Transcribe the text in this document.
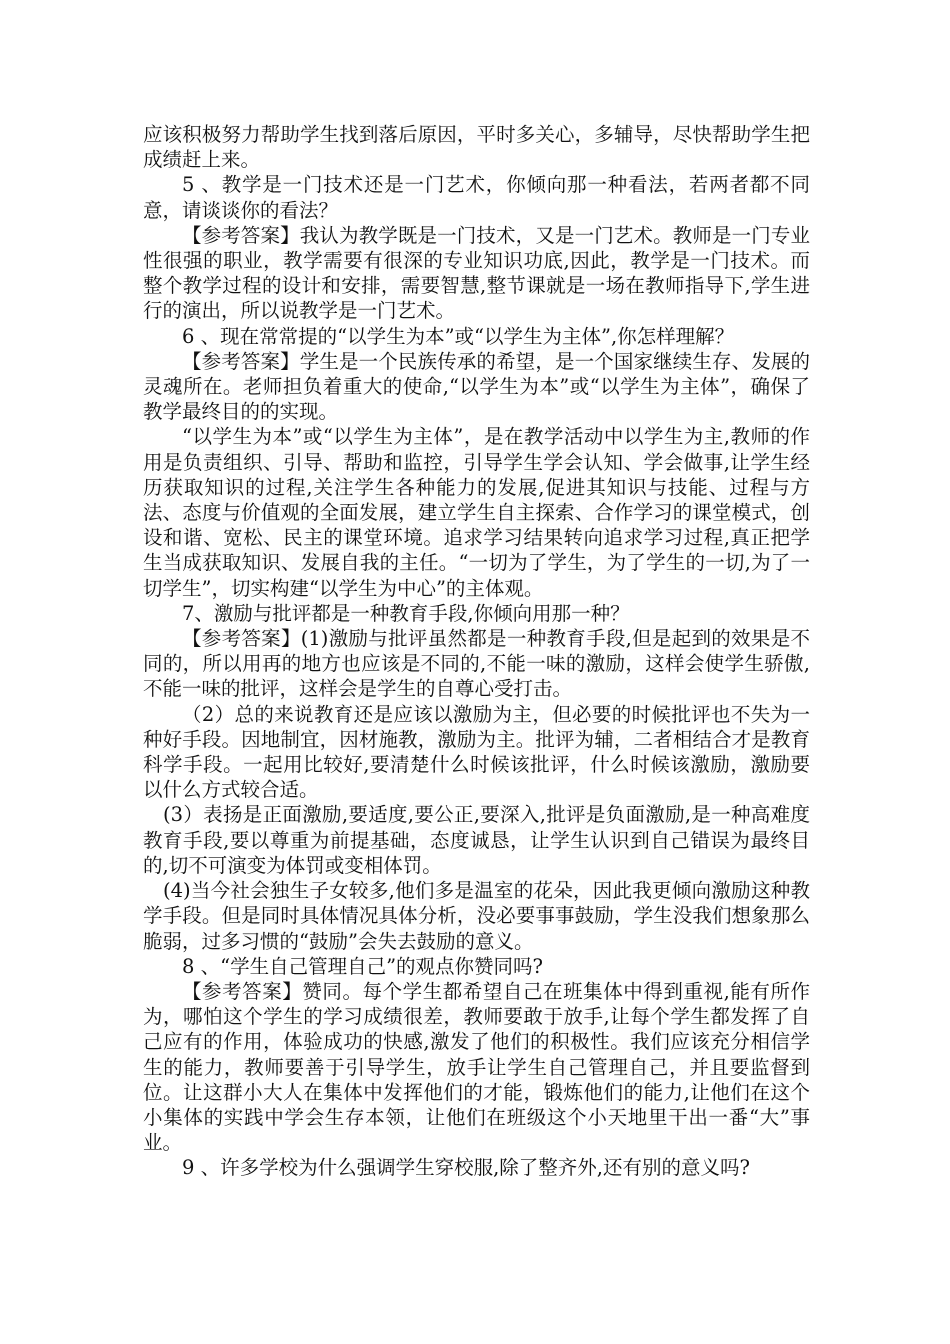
应该积极努力帮助学生找到落后原因，平时多关心，多辅导，尽快帮助学生把成绩赶上来。

5 、教学是一门技术还是一门艺术，你倾向那一种看法，若两者都不同意，请谈谈你的看法？

【参考答案】我认为教学既是一门技术，又是一门艺术。教师是一门专业性很强的职业，教学需要有很深的专业知识功底,因此，教学是一门技术。而整个教学过程的设计和安排，需要智慧,整节课就是一场在教师指导下,学生进行的演出，所以说教学是一门艺术。

6 、现在常常提的“以学生为本”或“以学生为主体”,你怎样理解？

【参考答案】学生是一个民族传承的希望，是一个国家继续生存、发展的灵魂所在。老师担负着重大的使命,“以学生为本”或“以学生为主体”，确保了教学最终目的的实现。

“以学生为本”或“以学生为主体”，是在教学活动中以学生为主,教师的作用是负责组织、引导、帮助和监控，引导学生学会认知、学会做事,让学生经历获取知识的过程,关注学生各种能力的发展,促进其知识与技能、过程与方法、态度与价值观的全面发展，建立学生自主探索、合作学习的课堂模式，创设和谐、宽松、民主的课堂环境。追求学习结果转向追求学习过程,真正把学生当成获取知识、发展自我的主任。“一切为了学生，为了学生的一切,为了一切学生”，切实构建“以学生为中心”的主体观。

7、激励与批评都是一种教育手段,你倾向用那一种？

【参考答案】(1)激励与批评虽然都是一种教育手段,但是起到的效果是不同的，所以用再的地方也应该是不同的,不能一味的激励，这样会使学生骄傲,不能一味的批评，这样会是学生的自尊心受打击。

（2）总的来说教育还是应该以激励为主，但必要的时候批评也不失为一种好手段。因地制宜，因材施教，激励为主。批评为辅，二者相结合才是教育科学手段。一起用比较好,要清楚什么时候该批评，什么时候该激励，激励要以什么方式较合适。

(3）表扬是正面激励,要适度,要公正,要深入,批评是负面激励,是一种高难度教育手段,要以尊重为前提基础，态度诚恳，让学生认识到自己错误为最终目的,切不可演变为体罚或变相体罚。

(4)当今社会独生子女较多,他们多是温室的花朵，因此我更倾向激励这种教学手段。但是同时具体情况具体分析，没必要事事鼓励，学生没我们想象那么脆弱，过多习惯的“鼓励”会失去鼓励的意义。

8 、“学生自己管理自己”的观点你赞同吗?

【参考答案】赞同。每个学生都希望自己在班集体中得到重视,能有所作为，哪怕这个学生的学习成绩很差，教师要敢于放手,让每个学生都发挥了自己应有的作用，体验成功的快感,激发了他们的积极性。我们应该充分相信学生的能力，教师要善于引导学生，放手让学生自己管理自己，并且要监督到位。让这群小大人在集体中发挥他们的才能，锻炼他们的能力,让他们在这个小集体的实践中学会生存本领，让他们在班级这个小天地里干出一番“大”事业。

9 、许多学校为什么强调学生穿校服,除了整齐外,还有别的意义吗?
